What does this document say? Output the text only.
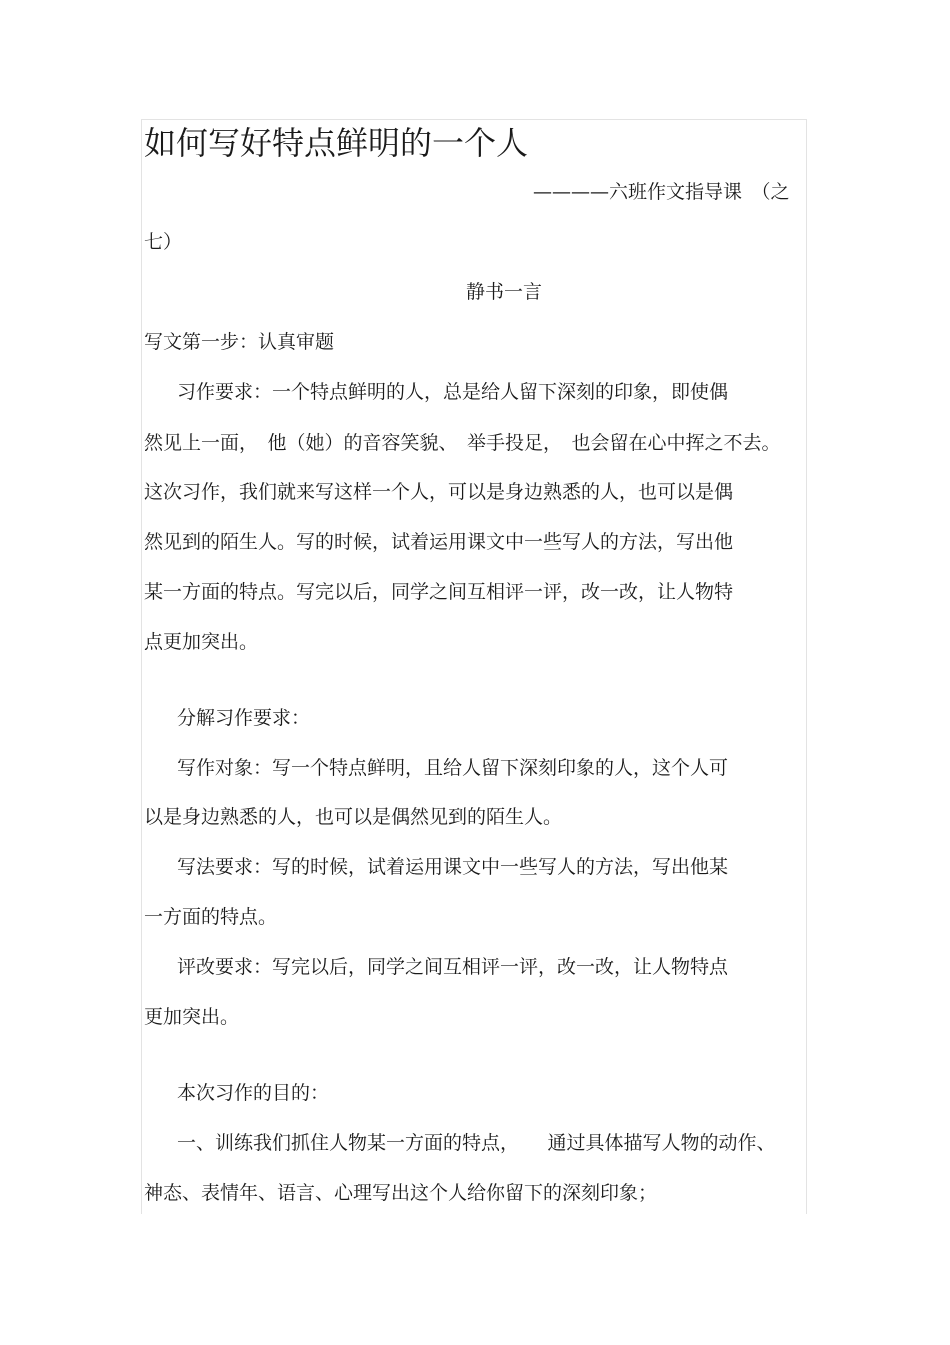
如何写好特点鲜明的一个人
————六班作文指导课　（之
七）
静书一言
写文第一步：认真审题
习作要求：一个特点鲜明的人，总是给人留下深刻的印象，即使偶
然见上一面，　他（她）的音容笑貌、　举手投足，　也会留在心中挥之不去。
这次习作，我们就来写这样一个人，可以是身边熟悉的人，也可以是偶
然见到的陌生人。写的时候，试着运用课文中一些写人的方法，写出他
某一方面的特点。写完以后，同学之间互相评一评，改一改，让人物特
点更加突出。
分解习作要求：
写作对象：写一个特点鲜明，且给人留下深刻印象的人，这个人可
以是身边熟悉的人，也可以是偶然见到的陌生人。
写法要求：写的时候，试着运用课文中一些写人的方法，写出他某
一方面的特点。
评改要求：写完以后，同学之间互相评一评，改一改，让人物特点
更加突出。
本次习作的目的：
一、训练我们抓住人物某一方面的特点，　　通过具体描写人物的动作、
神态、表情年、语言、心理写出这个人给你留下的深刻印象；
